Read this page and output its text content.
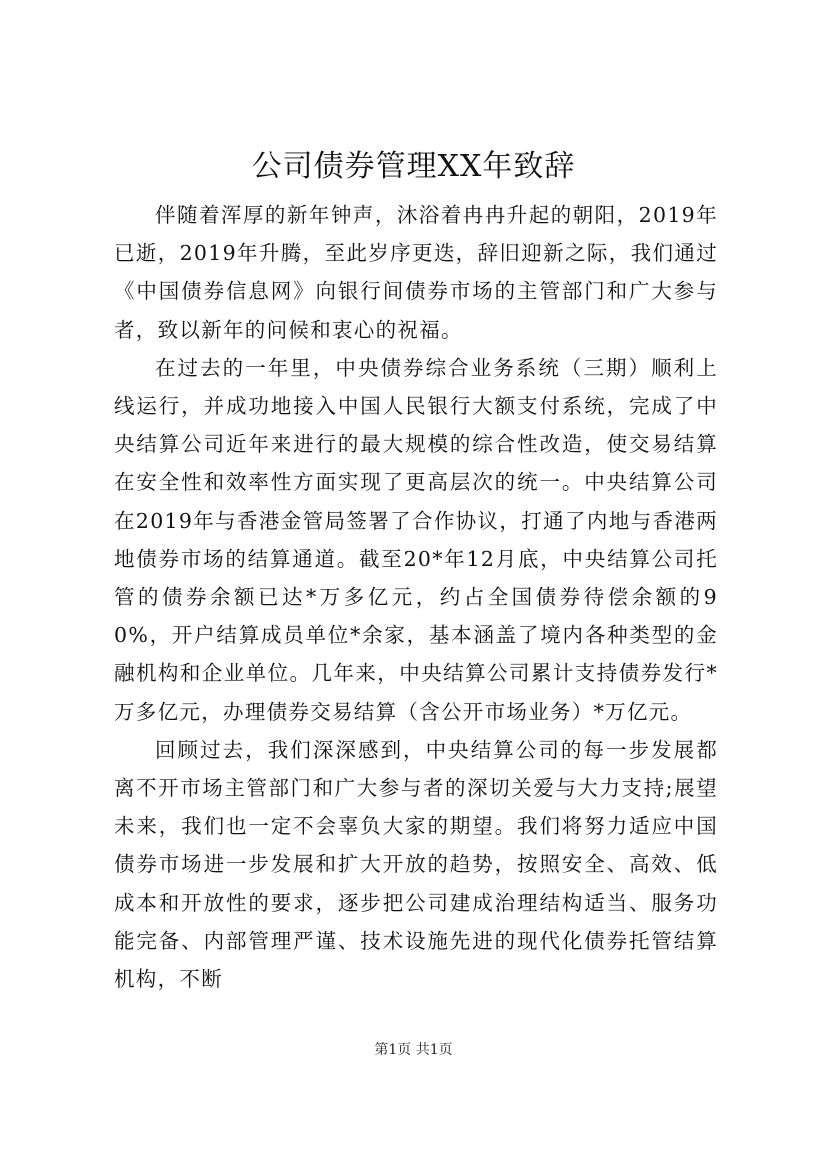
公司债券管理XX年致辞

伴随着浑厚的新年钟声，沐浴着冉冉升起的朝阳，2019年已逝，2019年升腾，至此岁序更迭，辞旧迎新之际，我们通过《中国债券信息网》向银行间债券市场的主管部门和广大参与者，致以新年的问候和衷心的祝福。

在过去的一年里，中央债券综合业务系统（三期）顺利上线运行，并成功地接入中国人民银行大额支付系统，完成了中央结算公司近年来进行的最大规模的综合性改造，使交易结算在安全性和效率性方面实现了更高层次的统一。中央结算公司在2019年与香港金管局签署了合作协议，打通了内地与香港两地债券市场的结算通道。截至20*年12月底，中央结算公司托管的债券余额已达*万多亿元，约占全国债券待偿余额的90%，开户结算成员单位*余家，基本涵盖了境内各种类型的金融机构和企业单位。几年来，中央结算公司累计支持债券发行*万多亿元，办理债券交易结算（含公开市场业务）*万亿元。

回顾过去，我们深深感到，中央结算公司的每一步发展都离不开市场主管部门和广大参与者的深切关爱与大力支持;展望未来，我们也一定不会辜负大家的期望。我们将努力适应中国债券市场进一步发展和扩大开放的趋势，按照安全、高效、低成本和开放性的要求，逐步把公司建成治理结构适当、服务功能完备、内部管理严谨、技术设施先进的现代化债券托管结算机构，不断

第1页 共1页
